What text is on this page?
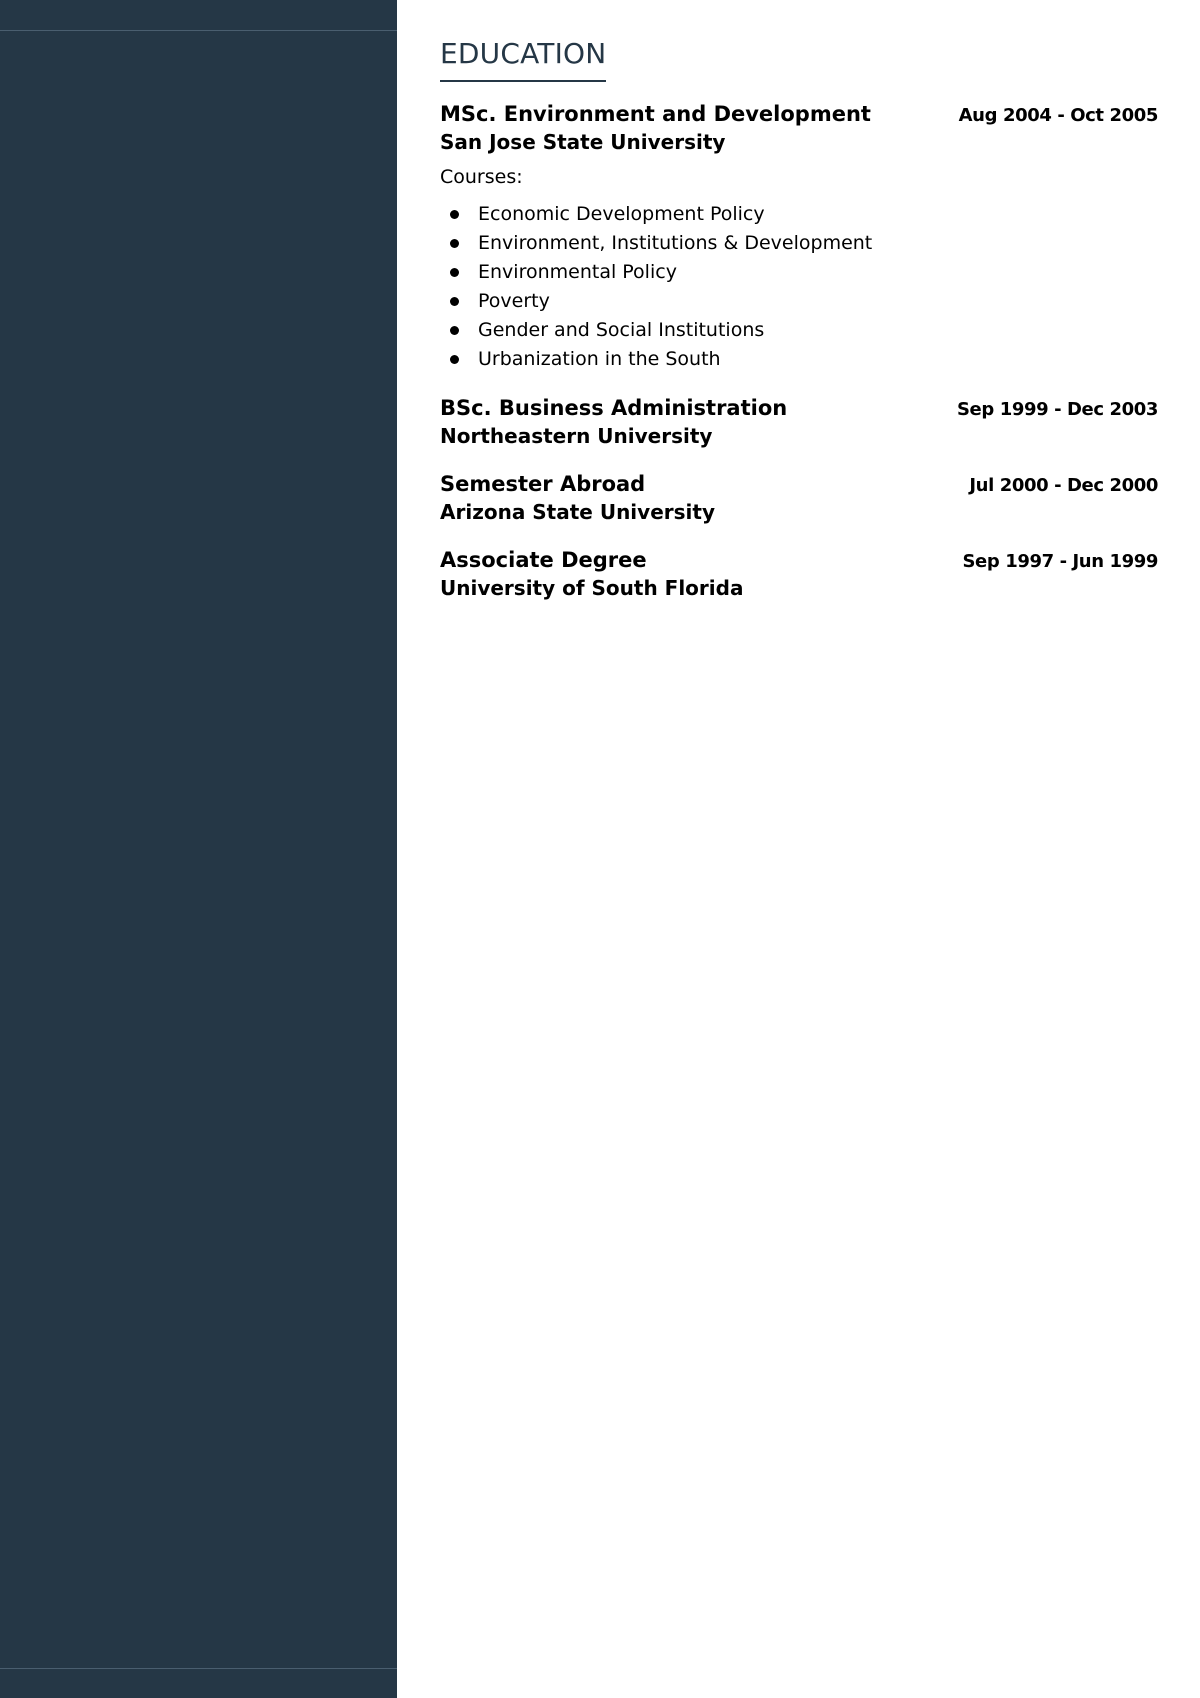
EDUCATION
MSc. Environment and Development	Aug 2004 - Oct 2005
San Jose State University
Courses:
Economic Development Policy
Environment, Institutions & Development
Environmental Policy
Poverty
Gender and Social Institutions
Urbanization in the South
BSc. Business Administration	Sep 1999 - Dec 2003
Northeastern University
Semester Abroad	Jul 2000 - Dec 2000
Arizona State University
Associate Degree	Sep 1997 - Jun 1999
University of South Florida
